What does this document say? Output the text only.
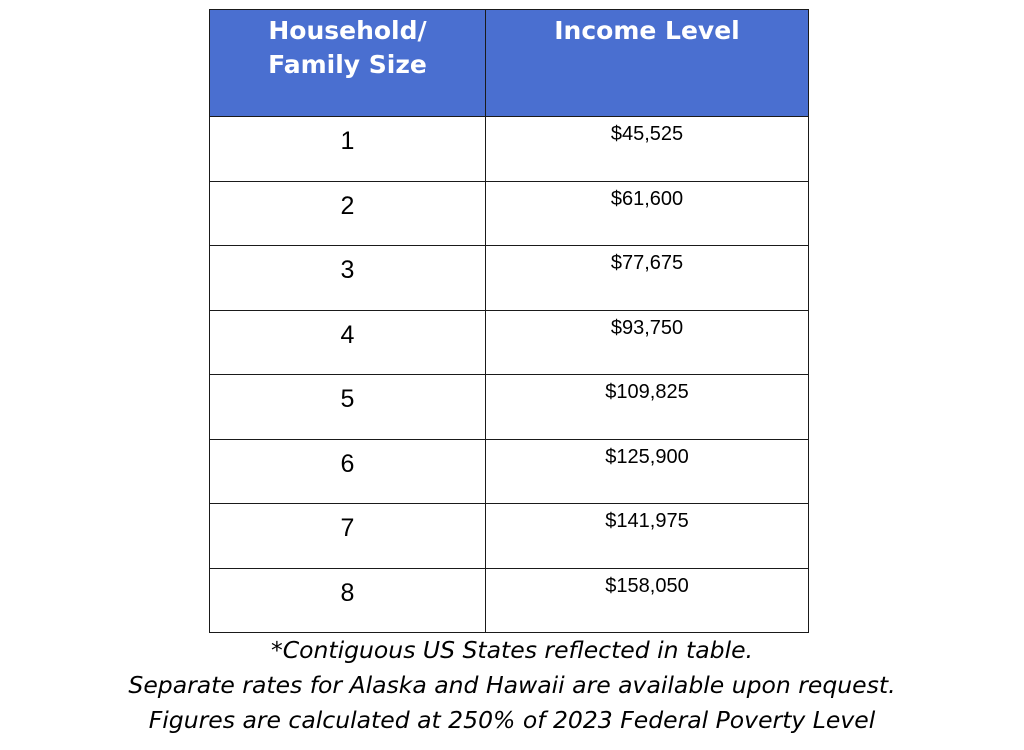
Household/
Family Size	Income Level

1	$45,525
2	$61,600
3	$77,675
4	$93,750
5	$109,825
6	$125,900
7	$141,975
8	$158,050
*Contiguous US States reflected in table.
Separate rates for Alaska and Hawaii are available upon request.
Figures are calculated at 250% of 2023 Federal Poverty Level
